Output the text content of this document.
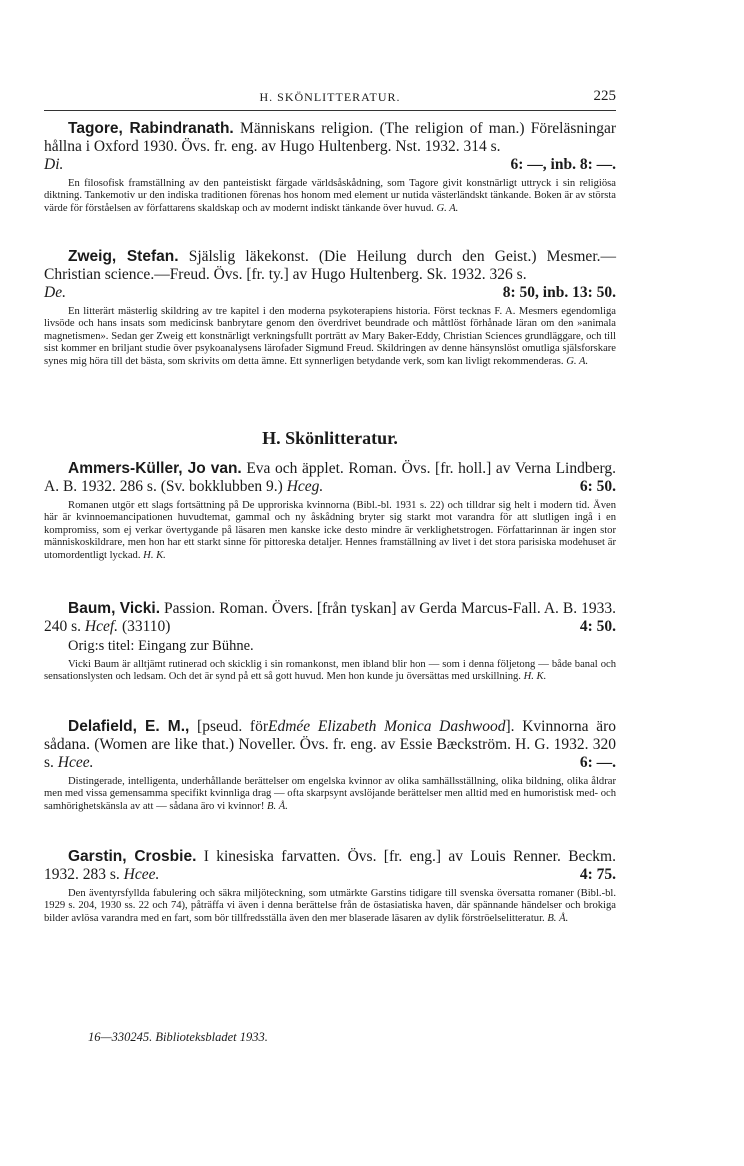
H. SKÖNLITTERATUR.	225

Tagore, Rabindranath. Människans religion. (The religion of man.) Föreläsningar hållna i Oxford 1930. Övs. fr. eng. av Hugo Hultenberg. Nst. 1932. 314 s.

Di.	6: —, inb. 8: —.

En filosofisk framställning av den panteistiskt färgade världsåskådning, som Tagore givit konstnärligt uttryck i sin religiösa diktning. Tankemotiv ur den indiska traditionen förenas hos honom med element ur nutida västerländskt tänkande. Boken är av största värde för förståelsen av författarens skaldskap och av modernt indiskt tänkande över huvud. G. A.

Zweig, Stefan. Själslig läkekonst. (Die Heilung durch den Geist.) Mesmer.—Christian science.—Freud. Övs. [fr. ty.] av Hugo Hultenberg. Sk. 1932. 326 s.

De.	8: 50, inb. 13: 50.

En litterärt mästerlig skildring av tre kapitel i den moderna psykoterapiens historia. Först tecknas F. A. Mesmers egendomliga livsöde och hans insats som medicinsk banbrytare genom den överdrivet beundrade och måttlöst förhånade läran om den »animala magnetismen». Sedan ger Zweig ett konstnärligt verkningsfullt porträtt av Mary Baker-Eddy, Christian Sciences grundläggare, och till sist kommer en briljant studie över psykoanalysens lärofader Sigmund Freud. Skildringen av denne hänsynslöst omutliga själsforskare synes mig höra till det bästa, som skrivits om detta ämne. Ett synnerligen betydande verk, som kan livligt rekommenderas. G. A.

H. Skönlitteratur.

Ammers-Küller, Jo van. Eva och äpplet. Roman. Övs. [fr. holl.] av Verna Lindberg. A. B. 1932. 286 s. (Sv. bokklubben 9.) Hceg.	6: 50.

Romanen utgör ett slags fortsättning på De upproriska kvinnorna (Bibl.-bl. 1931 s. 22) och tilldrar sig helt i modern tid. Även här är kvinnoemancipationen huvudtemat, gammal och ny åskådning bryter sig starkt mot varandra för att slutligen ingå i en kompromiss, som ej verkar övertygande på läsaren men kanske icke desto mindre är verklighetstrogen. Författarinnan är ingen stor människoskildrare, men hon har ett starkt sinne för pittoreska detaljer. Hennes framställning av livet i det stora parisiska modehuset är utomordentligt lyckad. H. K.

Baum, Vicki. Passion. Roman. Övers. [från tyskan] av Gerda Marcus-Fall. A. B. 1933. 240 s. Hcef. (33110)	4: 50.

Orig:s titel: Eingang zur Bühne.

Vicki Baum är alltjämt rutinerad och skicklig i sin romankonst, men ibland blir hon — som i denna följetong — både banal och sensationslysten och ledsam. Och det är synd på ett så gott huvud. Men hon kunde ju översättas med urskillning. H. K.

Delafield, E. M., [pseud. förEdmée Elizabeth Monica Dashwood]. Kvinnorna äro sådana. (Women are like that.) Noveller. Övs. fr. eng. av Essie Bæckström. H. G. 1932. 320 s. Hcee.	6: —.

Distingerade, intelligenta, underhållande berättelser om engelska kvinnor av olika samhällsställning, olika bildning, olika åldrar men med vissa gemensamma specifikt kvinnliga drag — ofta skarpsynt avslöjande berättelser men alltid med en humoristisk med- och samhörighetskänsla av att — sådana äro vi kvinnor! B. Å.

Garstin, Crosbie. I kinesiska farvatten. Övs. [fr. eng.] av Louis Renner. Beckm. 1932. 283 s. Hcee.	4: 75.

Den äventyrsfyllda fabulering och säkra miljöteckning, som utmärkte Garstins tidigare till svenska översatta romaner (Bibl.-bl. 1929 s. 204, 1930 ss. 22 och 74), påträffa vi även i denna berättelse från de östasiatiska haven, där spännande händelser och brokiga bilder avlösa varandra med en fart, som bör tillfredsställa även den mer blaserade läsaren av dylik förströelselitteratur. B. Å.

16—330245. Biblioteksbladet 1933.
